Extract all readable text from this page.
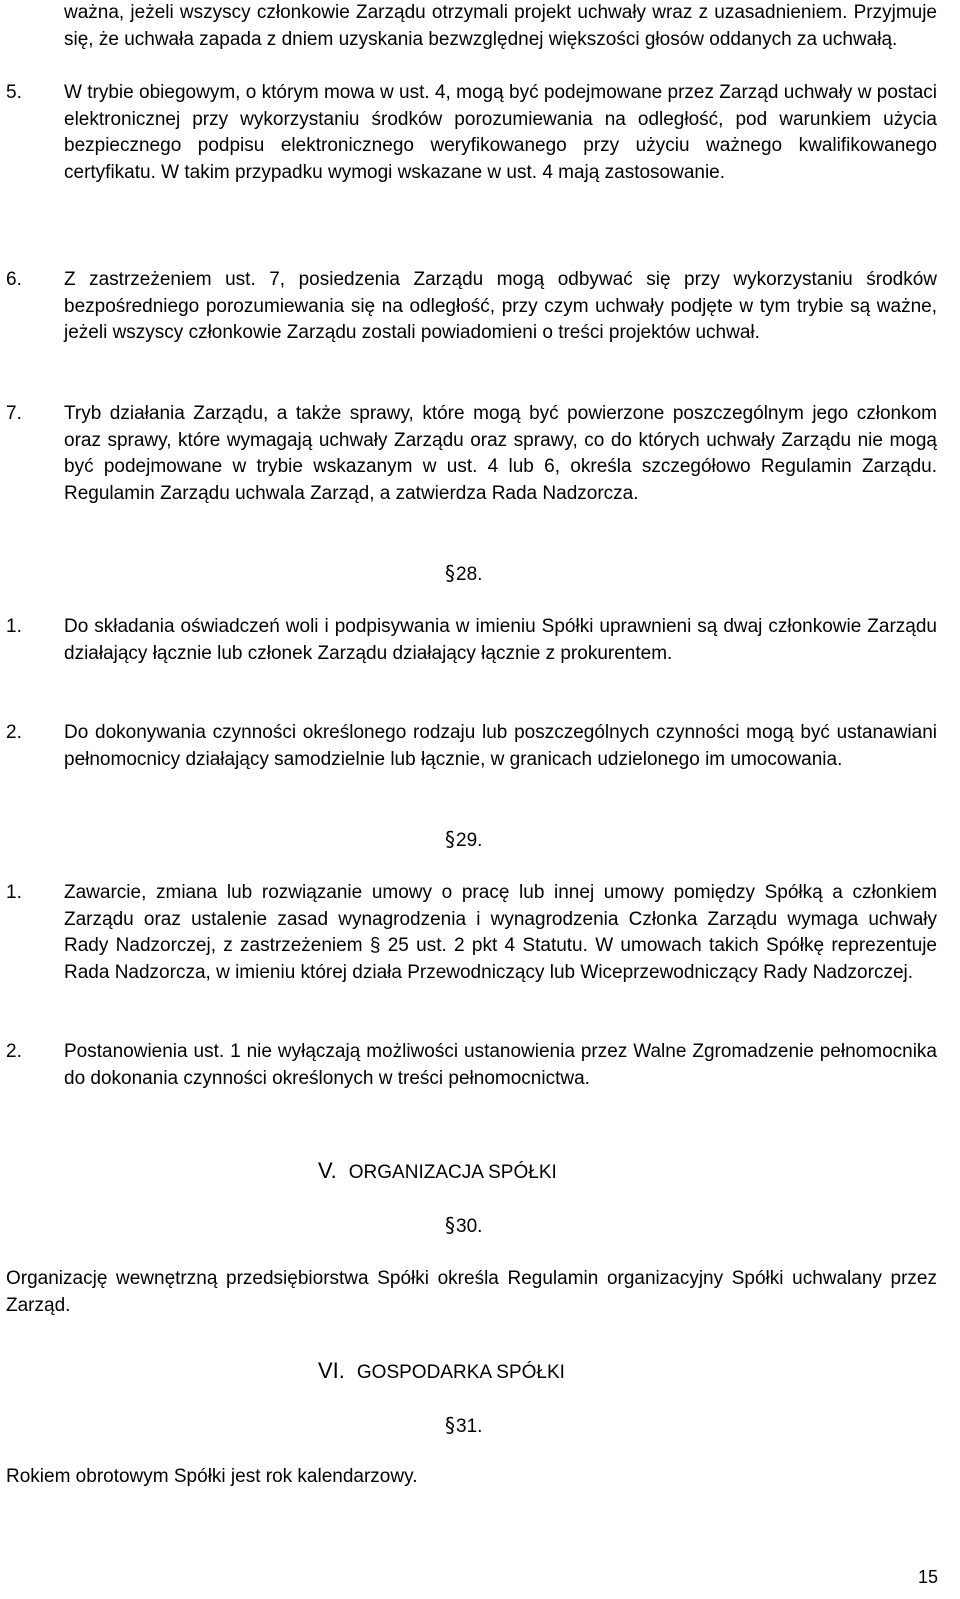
ważna, jeżeli wszyscy członkowie Zarządu otrzymali projekt uchwały wraz z uzasadnieniem. Przyjmuje się, że uchwała zapada z dniem uzyskania bezwzględnej większości głosów oddanych za uchwałą.

5. W trybie obiegowym, o którym mowa w ust. 4, mogą być podejmowane przez Zarząd uchwały w postaci elektronicznej przy wykorzystaniu środków porozumiewania na odległość, pod warunkiem użycia bezpiecznego podpisu elektronicznego weryfikowanego przy użyciu ważnego kwalifikowanego certyfikatu. W takim przypadku wymogi wskazane w ust. 4 mają zastosowanie.

6. Z zastrzeżeniem ust. 7, posiedzenia Zarządu mogą odbywać się przy wykorzystaniu środków bezpośredniego porozumiewania się na odległość, przy czym uchwały podjęte w tym trybie są ważne, jeżeli wszyscy członkowie Zarządu zostali powiadomieni o treści projektów uchwał.

7. Tryb działania Zarządu, a także sprawy, które mogą być powierzone poszczególnym jego członkom oraz sprawy, które wymagają uchwały Zarządu oraz sprawy, co do których uchwały Zarządu nie mogą być podejmowane w trybie wskazanym w ust. 4 lub 6, określa szczegółowo Regulamin Zarządu. Regulamin Zarządu uchwala Zarząd, a zatwierdza Rada Nadzorcza.

§28.
1. Do składania oświadczeń woli i podpisywania w imieniu Spółki uprawnieni są dwaj członkowie Zarządu działający łącznie lub członek Zarządu działający łącznie z prokurentem.

2. Do dokonywania czynności określonego rodzaju lub poszczególnych czynności mogą być ustanawiani pełnomocnicy działający samodzielnie lub łącznie, w granicach udzielonego im umocowania.

§29.
1. Zawarcie, zmiana lub rozwiązanie umowy o pracę lub innej umowy pomiędzy Spółką a członkiem Zarządu oraz ustalenie zasad wynagrodzenia i wynagrodzenia Członka Zarządu wymaga uchwały Rady Nadzorczej, z zastrzeżeniem § 25 ust. 2 pkt 4 Statutu. W umowach takich Spółkę reprezentuje Rada Nadzorcza, w imieniu której działa Przewodniczący lub Wiceprzewodniczący Rady Nadzorczej.

2. Postanowienia ust. 1 nie wyłączają możliwości ustanowienia przez Walne Zgromadzenie pełnomocnika do dokonania czynności określonych w treści pełnomocnictwa.

V. ORGANIZACJA SPÓŁKI
§30.

Organizację wewnętrzną przedsiębiorstwa Spółki określa Regulamin organizacyjny Spółki uchwalany przez Zarząd.

VI. GOSPODARKA SPÓŁKI
§31.

Rokiem obrotowym Spółki jest rok kalendarzowy.

15
